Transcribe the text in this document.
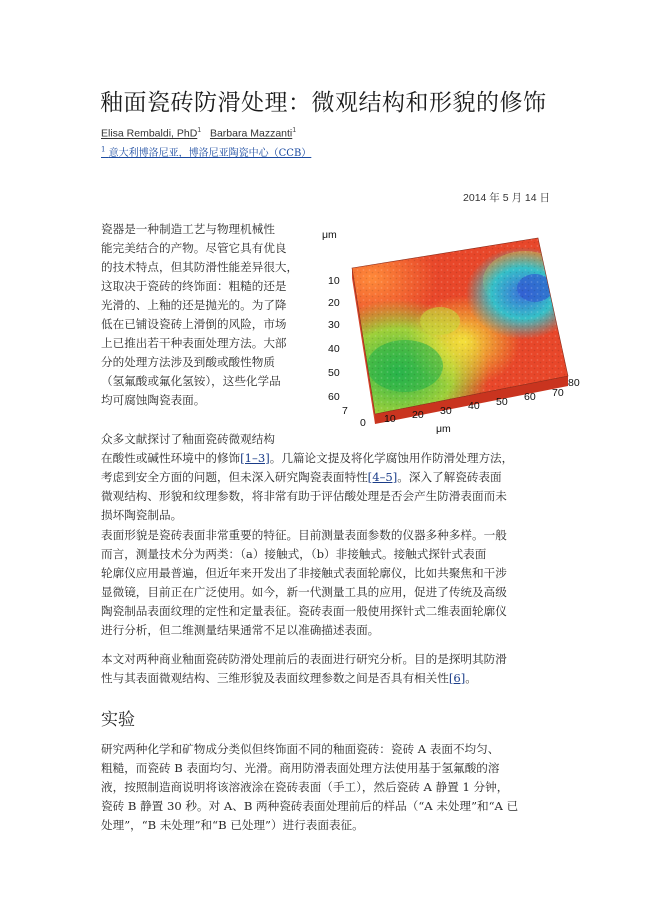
釉面瓷砖防滑处理：微观结构和形貌的修饰
Elisa Rembaldi, PhD$^1$ Barbara Mazzanti$^1$
$^1$ 意大利博洛尼亚，博洛尼亚陶瓷中心（CCB）
2014 年 5 月 14 日
瓷器是一种制造工艺与物理机械性
能完美结合的产物。尽管它具有优良
的技术特点，但其防滑性能差异很大，
这取决于瓷砖的终饰面：粗糙的还是
光滑的、上釉的还是抛光的。为了降
低在已铺设瓷砖上滑倒的风险，市场
上已推出若干种表面处理方法。大部
分的处理方法涉及到酸或酸性物质
（氢氟酸或氟化氢铵），这些化学品
均可腐蚀陶瓷表面。
μm
10
20
30
40
50
60
7
0 10 20 30 40 50 60 70
80
μm
众多文献探讨了釉面瓷砖微观结构
在酸性或碱性环境中的修饰[1–3]。几篇论文提及将化学腐蚀用作防滑处理方法，
考虑到安全方面的问题，但未深入研究陶瓷表面特性[4–5]。深入了解瓷砖表面
微观结构、形貌和纹理参数，将非常有助于评估酸处理是否会产生防滑表面而未
损坏陶瓷制品。
表面形貌是瓷砖表面非常重要的特征。目前测量表面参数的仪器多种多样。一般
而言，测量技术分为两类：（a）接触式，（b）非接触式。接触式探针式表面
轮廓仪应用最普遍，但近年来开发出了非接触式表面轮廓仪，比如共聚焦和干涉
显微镜，目前正在广泛使用。如今，新一代测量工具的应用，促进了传统及高级
陶瓷制品表面纹理的定性和定量表征。瓷砖表面一般使用探针式二维表面轮廓仪
进行分析，但二维测量结果通常不足以准确描述表面。
本文对两种商业釉面瓷砖防滑处理前后的表面进行研究分析。目的是探明其防滑
性与其表面微观结构、三维形貌及表面纹理参数之间是否具有相关性[6]。
实验
研究两种化学和矿物成分类似但终饰面不同的釉面瓷砖：瓷砖 A 表面不均匀、
粗糙，而瓷砖 B 表面均匀、光滑。商用防滑表面处理方法使用基于氢氟酸的溶
液，按照制造商说明将该溶液涂在瓷砖表面（手工），然后瓷砖 A 静置 1 分钟，
瓷砖 B 静置 30 秒。对 A、B 两种瓷砖表面处理前后的样品（“A 未处理”和“A 已
处理”，“B 未处理”和“B 已处理”）进行表面表征。
